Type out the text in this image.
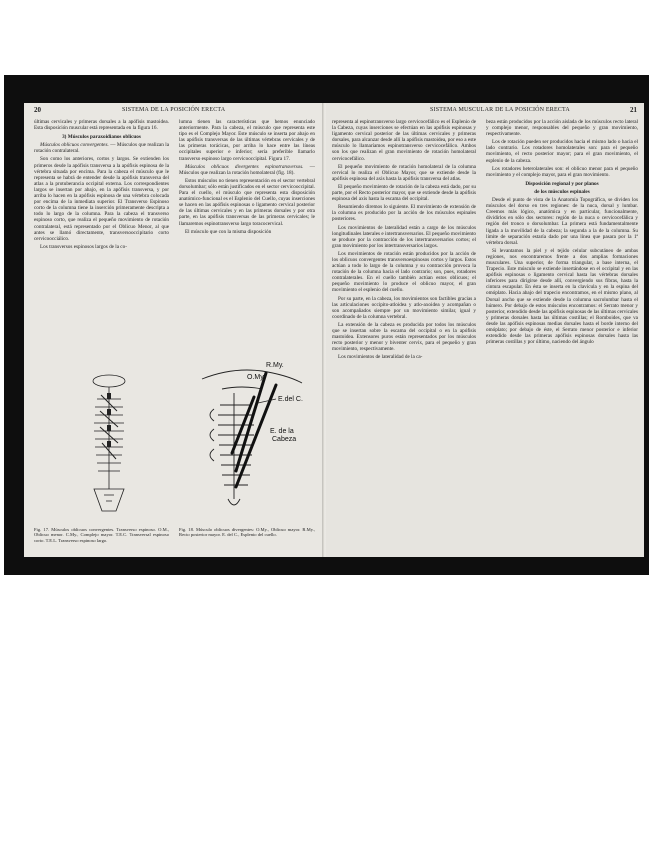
20	SISTEMA DE LA POSICIÓN ERECTA

últimas cervicales y primeras dorsales a la apófisis mastoidea. Esta disposición muscular está representada en la figura 16.

3) Músculos paraxoidianos oblicuos

Músculos oblicuos convergentes. — Músculos que realizan la rotación contralateral.

Son como los anteriores, cortos y largos. Se extienden los primeros desde la apófisis transversa a la apófisis espinosa de la vértebra situada por encima. Para la cabeza el músculo que le representa se habrá de entender desde la apófisis transversa del atlas a la protuberancia occipital externa. Los correspondientes largos se insertan por abajo, en la apófisis transversa, y por arriba lo hacen en la apófisis espinosa de una vértebra colocada por encima de la inmediata superior. El Transverso Espinoso corto de la columna tiene la inserción primeramente descripta a todo lo largo de la columna. Para la cabeza el transverso espinoso corto, que realiza el pequeño movimiento de rotación contralateral, está representado por el Oblicuo Menor, al que antes se llamó directamente, transversooccipitario corto cervicoocciálico.

Los transversos espinosos largos de la co-

lumna tienen las características que hemos enunciado anteriormente. Para la cabeza, el músculo que representa este tipo es el Complejo Mayor. Este músculo se inserta por abajo en las apófisis transversas de las últimas vértebras cervicales y de las primeras torácicas, por arriba lo hace entre las líneas occipitales superior e inferior; sería preferible llamarlo transverso espinoso largo cervicooccipital. Figura 17.

Músculos oblicuos divergentes espinotransversos. — Músculos que realizan la rotación homolateral (fig. 18).

Estos músculos no tienen representación en el sector vertebral dorsolumbar; sólo están justificados en el sector cervicooccipital. Para el cuello, el músculo que representa esta disposición anatómico-funcional es el Esplenio del Cuello, cuyas inserciones se hacen en las apófisis espinosas o ligamento cervical posterior de las últimas cervicales y en las primeras dorsales y por otra parte, en las apófisis transversas de las primeras cervicales; le llamaremos espinotransverso largo toracocervical.

El músculo que con la misma disposición

R.My.
O.My.
E.del C.
E. de la
Cabeza
Fig. 17. Músculos oblicuos convergentes. Transverso espinoso. O.M., Oblicuo menor. C.My., Complejo mayor. T.E.C. Transversal espinoso corto. T.E.L. Transverso espinoso largo.
Fig. 18. Músculo oblicuos divergentes: O.My., Oblicuo mayor. R.My., Recto posterior mayor. E. del C., Esplenio del cuello.
SISTEMA MUSCULAR DE LA POSICIÓN ERECTA	21

representa al espinotransverso largo cervicocefálico es el Esplenio de la Cabeza, cuyas inserciones se efectúan en las apófisis espinosas y ligamento cervical posterior de las últimas cervicales y primeras dorsales, para alcanzar desde allí la apófisis mastoidea, por eso a este músculo lo llamaríamos espinotransverso cervicocefálico. Ambos son los que realizan el gran movimiento de rotación homolateral cervicocefálico.

El pequeño movimiento de rotación homolateral de la columna cervical lo realiza el Oblicuo Mayor, que se extiende desde la apófisis espinosa del axis hasta la apófisis transversa del atlas.

El pequeño movimiento de rotación de la cabeza está dado, por su parte, por el Recto posterior mayor, que se extiende desde la apófisis espinosa del axis hasta la escama del occipital.

Resumiendo diremos lo siguiente. El movimiento de extensión de la columna es producido por la acción de los músculos espinales posteriores.

Los movimientos de lateralidad están a cargo de los músculos longitudinales laterales e intertransversarios. El pequeño movimiento se produce por la contracción de los intertransversarios cortos; el gran movimiento por los intertransversarios largos.

Los movimientos de rotación están producidos por la acción de los oblicuos convergentes transversoespinosos cortos y largos. Estos actúan a todo lo largo de la columna y su contracción provoca la rotación de la columna hacia el lado contrario; son, pues, rotadores contralaterales. En el cuello también actúan estos oblicuos; el pequeño movimiento lo produce el oblicuo mayor, el gran movimiento el esplenio del cuello.

Por su parte, en la cabeza, los movimientos son factibles gracias a las articulaciones occipito-atloidea y atlo-axoidea y acompañan o son acompañados siempre por un movimiento similar, igual y coordinado de la columna vertebral.

La extensión de la cabeza es producida por todos los músculos que se insertan sobre la escama del occipital o en la apófisis mastoidea. Extensores puros están representados por los músculos recto posterior y menor y biventer cervix, para el pequeño y gran movimiento, respectivamente.

Los movimientos de lateralidad de la ca-

beza están producidos por la acción aislada de los músculos recto lateral y complejo menor, responsables del pequeño y gran movimiento, respectivamente.

Los de rotación pueden ser producidos hacia el mismo lado o hacia el lado contrario. Los rotadores homolaterales son: para el pequeño movimiento, el recto posterior mayor; para el gran movimiento, el esplenio de la cabeza.

Los rotadores heterolaterales son: el oblicuo menor para el pequeño movimiento y el complejo mayor, para el gran movimiento.

Disposición regional y por planos

de los músculos espinales

Desde el punto de vista de la Anatomía Topográfica, se dividen los músculos del dorso en tres regiones: de la nuca, dorsal y lumbar. Creemos más lógico, anatómica y en particular, funcionalmente, dividirlos en sólo dos sectores: región de la nuca o cervicocefálica y región del tronco o dorsolumbar. La primera está fundamentalmente ligada a la movilidad de la cabeza; la segunda a la de la columna. Su límite de separación estaría dado por una línea que pasara por la 1ª vértebra dorsal.

Si levantamos la piel y el tejido celular subcutáneo de ambas regiones, nos encontraremos frente a dos amplias formaciones musculares. Una superior, de forma triangular, a base interna, el Trapecio. Este músculo se extiende insertándose en el occipital y en las apófisis espinosas o ligamento cervical hasta las vértebras dorsales inferiores para dirigirse desde allí, convergiendo sus fibras, hasta la cintura escapular. En ésta se inserta en la clavícula y en la espina del omóplato. Hacia abajo del trapecio encontramos, en el mismo plano, al Dorsal ancho que se extiende desde la columna sacrolumbar hasta el húmero. Por debajo de estos músculos encontramos: el Serrato menor y posterior, extendido desde las apófisis espinosas de las últimas cervicales y primeras dorsales hasta las últimas costillas; el Romboides, que va desde las apófisis espinosas medias dorsales hasta el borde interno del omóplato; por debajo de éste, el Serrato menor posterior e inferior extendido desde las primeras apófisis espinosas dorsales hasta las primeras costillas y por último, naciendo del ángulo
